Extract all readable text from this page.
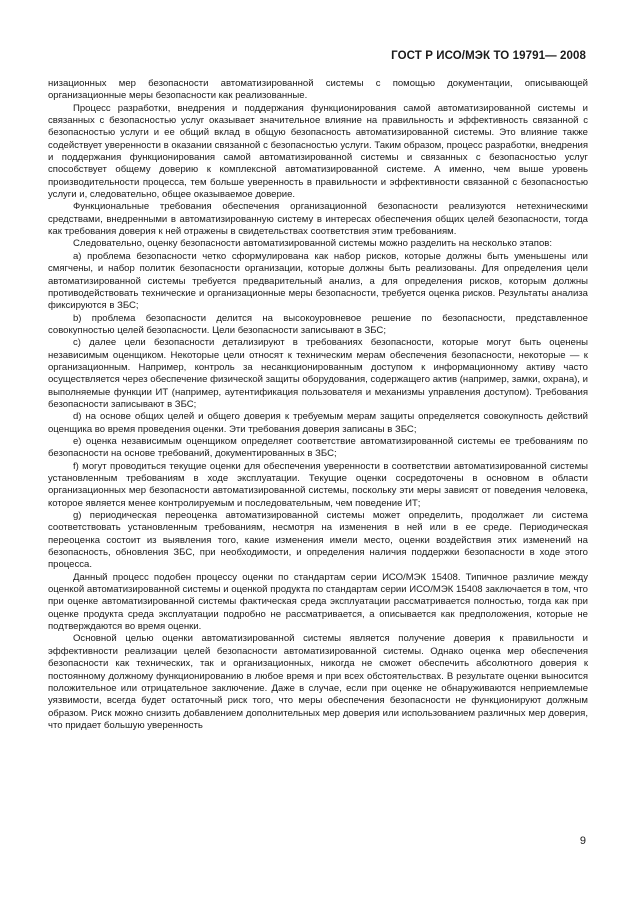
ГОСТ Р ИСО/МЭК ТО 19791— 2008

низационных мер безопасности автоматизированной системы с помощью документации, описывающей организационные меры безопасности как реализованные.

Процесс разработки, внедрения и поддержания функционирования самой автоматизированной системы и связанных с безопасностью услуг оказывает значительное влияние на правильность и эффективность связанной с безопасностью услуги и ее общий вклад в общую безопасность автоматизированной системы. Это влияние также содействует уверенности в оказании связанной с безопасностью услуги. Таким образом, процесс разработки, внедрения и поддержания функционирования самой автоматизированной системы и связанных с безопасностью услуг способствует общему доверию к комплексной автоматизированной системе. А именно, чем выше уровень производительности процесса, тем больше уверенность в правильности и эффективности связанной с безопасностью услуги и, следовательно, общее оказываемое доверие.

Функциональные требования обеспечения организационной безопасности реализуются нетехническими средствами, внедренными в автоматизированную систему в интересах обеспечения общих целей безопасности, тогда как требования доверия к ней отражены в свидетельствах соответствия этим требованиям.

Следовательно, оценку безопасности автоматизированной системы можно разделить на несколько этапов:

a) проблема безопасности четко сформулирована как набор рисков, которые должны быть уменьшены или смягчены, и набор политик безопасности организации, которые должны быть реализованы. Для определения цели автоматизированной системы требуется предварительный анализ, а для определения рисков, которым должны противодействовать технические и организационные меры безопасности, требуется оценка рисков. Результаты анализа фиксируются в ЗБС;

b) проблема безопасности делится на высокоуровневое решение по безопасности, представленное совокупностью целей безопасности. Цели безопасности записывают в ЗБС;

c) далее цели безопасности детализируют в требованиях безопасности, которые могут быть оценены независимым оценщиком. Некоторые цели относят к техническим мерам обеспечения безопасности, некоторые — к организационным. Например, контроль за несанкционированным доступом к информационному активу часто осуществляется через обеспечение физической защиты оборудования, содержащего актив (например, замки, охрана), и выполняемые функции ИТ (например, аутентификация пользователя и механизмы управления доступом). Требования безопасности записывают в ЗБС;

d) на основе общих целей и общего доверия к требуемым мерам защиты определяется совокупность действий оценщика во время проведения оценки. Эти требования доверия записаны в ЗБС;

e) оценка независимым оценщиком определяет соответствие автоматизированной системы ее требованиям по безопасности на основе требований, документированных в ЗБС;

f) могут проводиться текущие оценки для обеспечения уверенности в соответствии автоматизированной системы установленным требованиям в ходе эксплуатации. Текущие оценки сосредоточены в основном в области организационных мер безопасности автоматизированной системы, поскольку эти меры зависят от поведения человека, которое является менее контролируемым и последовательным, чем поведение ИТ;

g) периодическая переоценка автоматизированной системы может определить, продолжает ли система соответствовать установленным требованиям, несмотря на изменения в ней или в ее среде. Периодическая переоценка состоит из выявления того, какие изменения имели место, оценки воздействия этих изменений на безопасность, обновления ЗБС, при необходимости, и определения наличия поддержки безопасности в ходе этого процесса.

Данный процесс подобен процессу оценки по стандартам серии ИСО/МЭК 15408. Типичное различие между оценкой автоматизированной системы и оценкой продукта по стандартам серии ИСО/МЭК 15408 заключается в том, что при оценке автоматизированной системы фактическая среда эксплуатации рассматривается полностью, тогда как при оценке продукта среда эксплуатации подробно не рассматривается, а описывается как предположения, которые не подтверждаются во время оценки.

Основной целью оценки автоматизированной системы является получение доверия к правильности и эффективности реализации целей безопасности автоматизированной системы. Однако оценка мер обеспечения безопасности как технических, так и организационных, никогда не сможет обеспечить абсолютного доверия к постоянному должному функционированию в любое время и при всех обстоятельствах. В результате оценки выносится положительное или отрицательное заключение. Даже в случае, если при оценке не обнаруживаются неприемлемые уязвимости, всегда будет остаточный риск того, что меры обеспечения безопасности не функционируют должным образом. Риск можно снизить добавлением дополнительных мер доверия или использованием различных мер доверия, что придает большую уверенность

9
